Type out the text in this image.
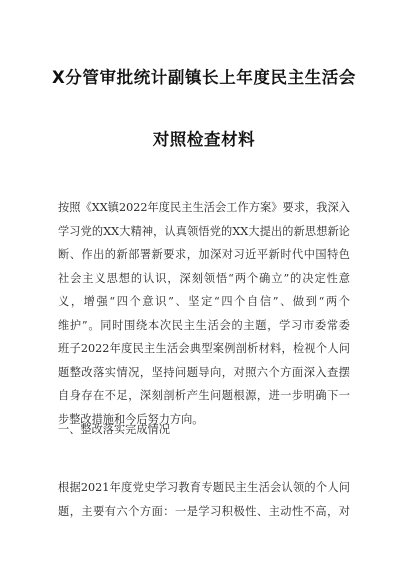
X分管审批统计副镇长上年度民主生活会
对照检查材料
按照《XX镇2022年度民主生活会工作方案》要求，我深入
学习党的XX大精神，认真领悟党的XX大提出的新思想新论
断、作出的新部署新要求，加深对习近平新时代中国特色
社会主义思想的认识，深刻领悟“两个确立”的决定性意
义，增强“四个意识”、坚定“四个自信”、做到“两个
维护”。同时围绕本次民主生活会的主题，学习市委常委
班子2022年度民主生活会典型案例剖析材料，检视个人问
题整改落实情况，坚持问题导向，对照六个方面深入查摆
自身存在不足，深刻剖析产生问题根源，进一步明确下一
步整改措施和今后努力方向。
一、整改落实完成情况
根据2021年度党史学习教育专题民主生活会认领的个人问
题，主要有六个方面：一是学习积极性、主动性不高，对
